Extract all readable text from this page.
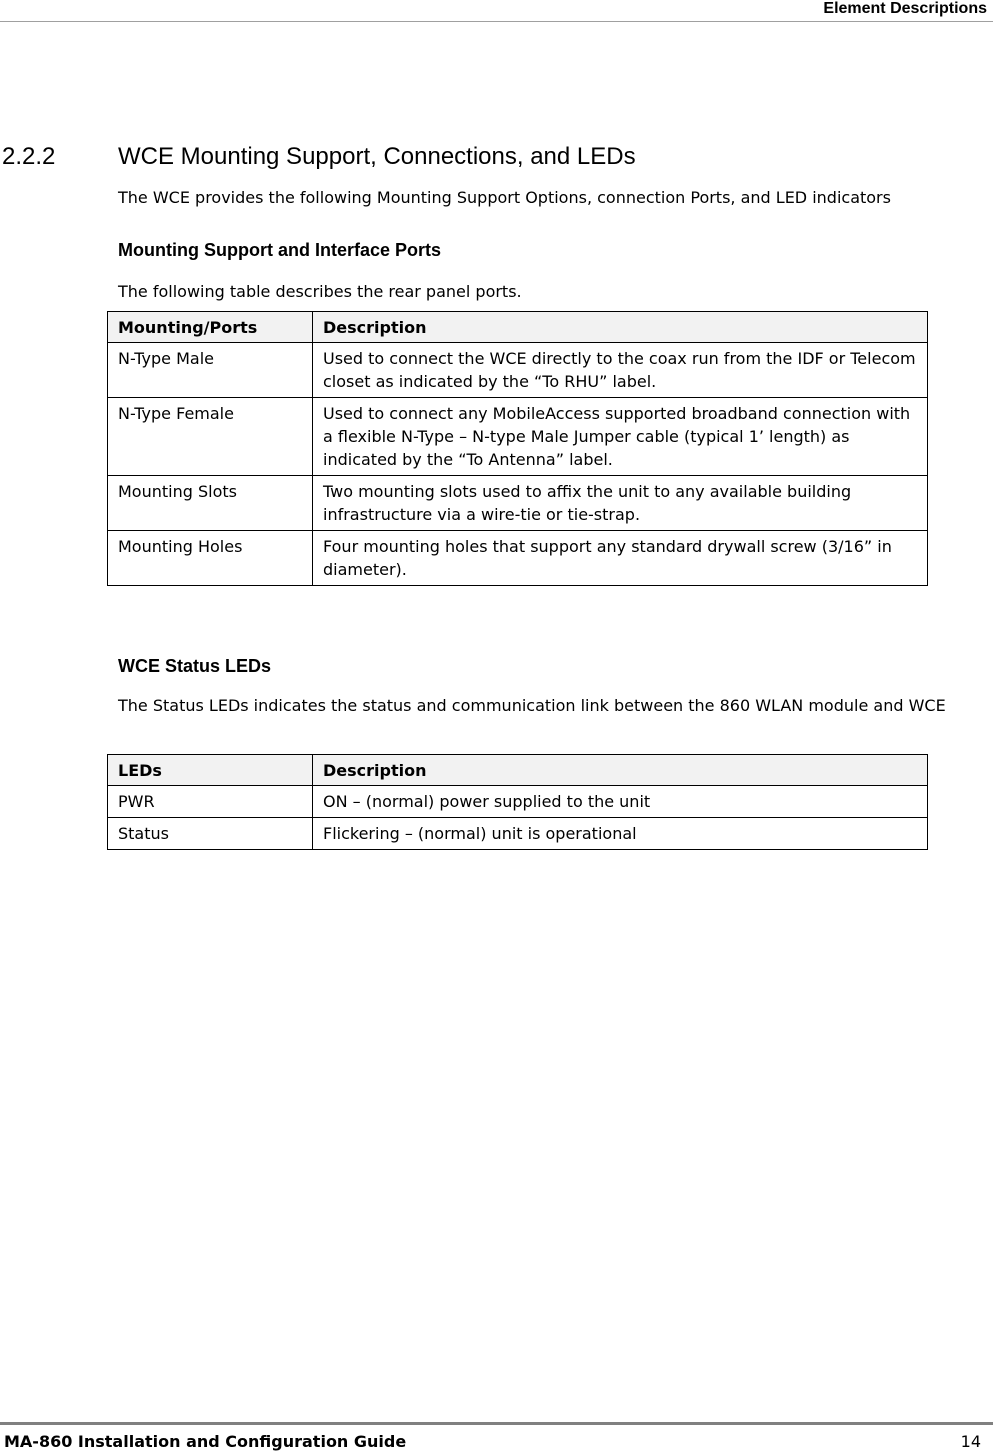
Element Descriptions
2.2.2	WCE Mounting Support, Connections, and LEDs
The WCE provides the following Mounting Support Options, connection Ports, and LED indicators
Mounting Support and Interface Ports
The following table describes the rear panel ports.
Mounting/Ports	Description
N-Type Male	Used to connect the WCE directly to the coax run from the IDF or Telecom closet as indicated by the “To RHU” label.
N-Type Female	Used to connect any MobileAccess supported broadband connection with a flexible N-Type – N-type Male Jumper cable (typical 1’ length) as indicated by the “To Antenna” label.
Mounting Slots	Two mounting slots used to affix the unit to any available building infrastructure via a wire-tie or tie-strap.
Mounting Holes	Four mounting holes that support any standard drywall screw (3/16” in diameter).
WCE Status LEDs
The Status LEDs indicates the status and communication link between the 860 WLAN module and WCE
LEDs	Description
PWR	ON – (normal) power supplied to the unit
Status	Flickering – (normal) unit is operational
MA-860 Installation and Configuration Guide	14
